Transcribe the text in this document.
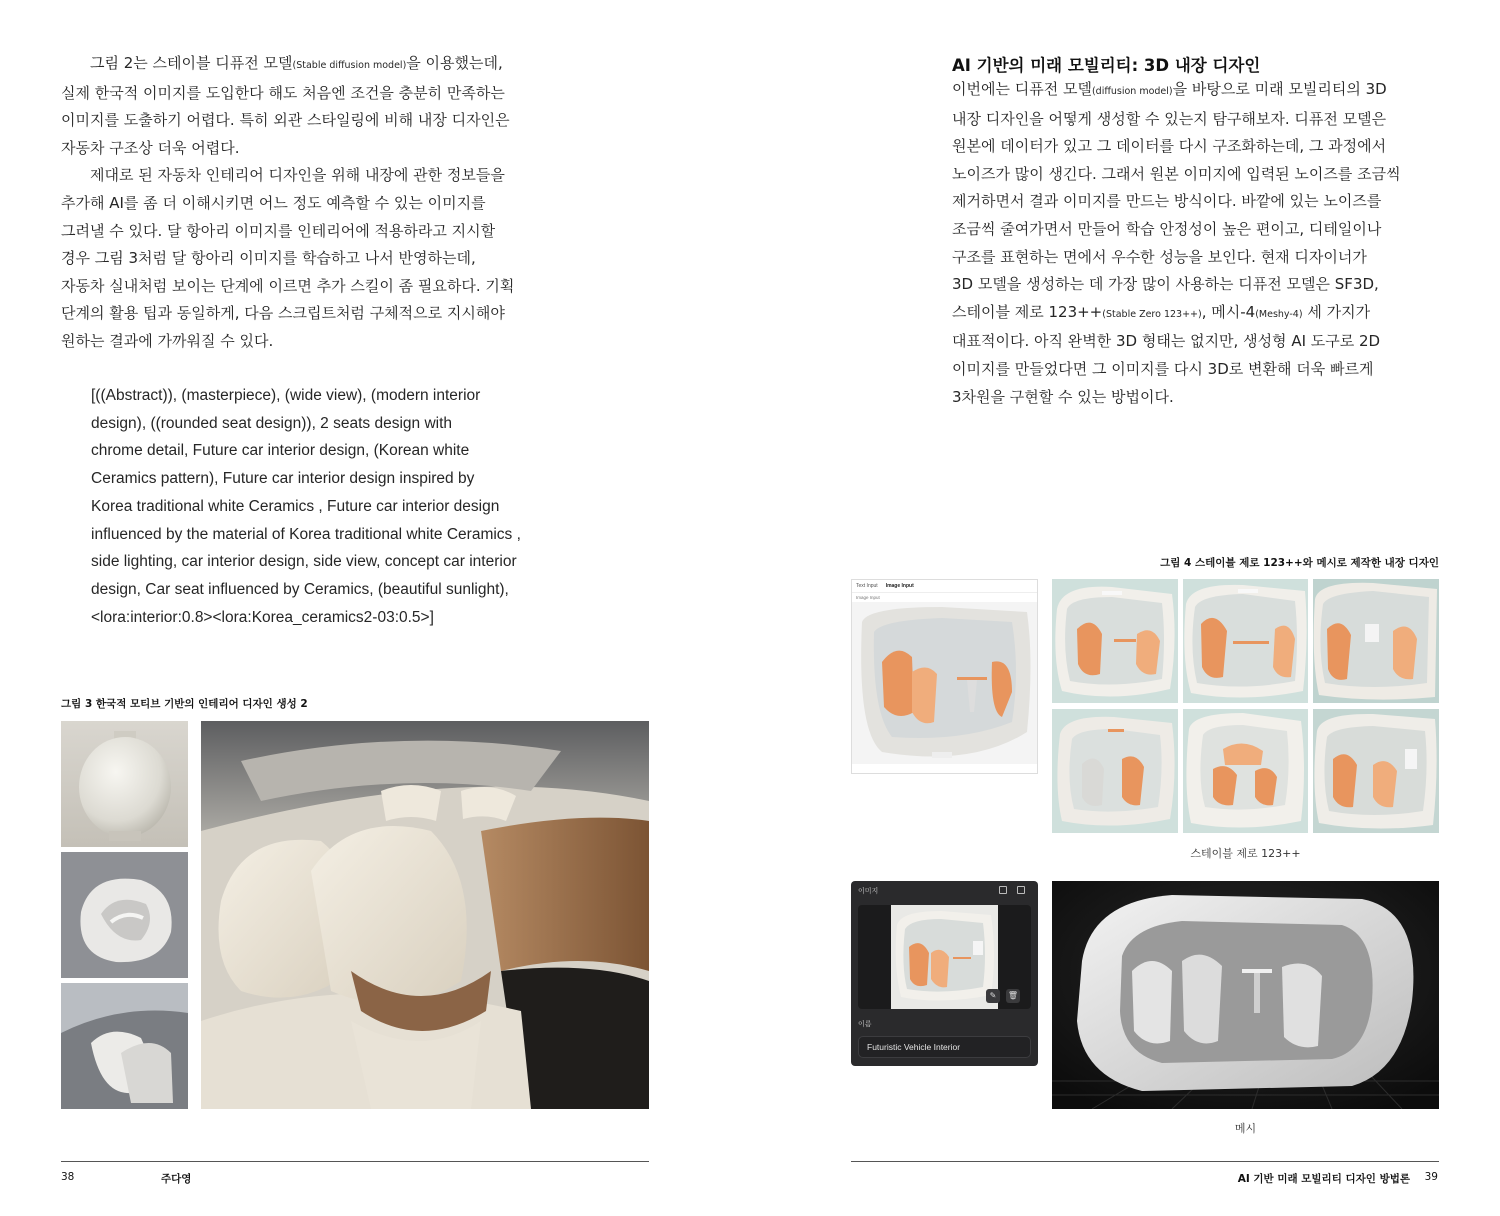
그림 2는 스테이블 디퓨전 모델(Stable diffusion model)을 이용했는데,

실제 한국적 이미지를 도입한다 해도 처음엔 조건을 충분히 만족하는

이미지를 도출하기 어렵다. 특히 외관 스타일링에 비해 내장 디자인은

자동차 구조상 더욱 어렵다.

제대로 된 자동차 인테리어 디자인을 위해 내장에 관한 정보들을

추가해 AI를 좀 더 이해시키면 어느 정도 예측할 수 있는 이미지를

그려낼 수 있다. 달 항아리 이미지를 인테리어에 적용하라고 지시할

경우 그림 3처럼 달 항아리 이미지를 학습하고 나서 반영하는데,

자동차 실내처럼 보이는 단계에 이르면 추가 스킬이 좀 필요하다. 기획

단계의 활용 팁과 동일하게, 다음 스크립트처럼 구체적으로 지시해야

원하는 결과에 가까워질 수 있다.

[((Abstract)), (masterpiece), (wide view), (modern interior
design), ((rounded seat design)), 2 seats design with
chrome detail, Future car interior design, (Korean white
Ceramics pattern), Future car interior design inspired by
Korea traditional white Ceramics , Future car interior design
influenced by the material of Korea traditional white Ceramics ,
side lighting, car interior design, side view, concept car interior
design, Car seat influenced by Ceramics, (beautiful sunlight),
<lora:interior:0.8><lora:Korea_ceramics2-03:0.5>]
그림 3 한국적 모티브 기반의 인테리어 디자인 생성 2
38	주다영
AI 기반의 미래 모빌리티: 3D 내장 디자인

이번에는 디퓨전 모델(diffusion model)을 바탕으로 미래 모빌리티의 3D

내장 디자인을 어떻게 생성할 수 있는지 탐구해보자. 디퓨전 모델은

원본에 데이터가 있고 그 데이터를 다시 구조화하는데, 그 과정에서

노이즈가 많이 생긴다. 그래서 원본 이미지에 입력된 노이즈를 조금씩

제거하면서 결과 이미지를 만드는 방식이다. 바깥에 있는 노이즈를

조금씩 줄여가면서 만들어 학습 안정성이 높은 편이고, 디테일이나

구조를 표현하는 면에서 우수한 성능을 보인다. 현재 디자이너가

3D 모델을 생성하는 데 가장 많이 사용하는 디퓨전 모델은 SF3D,

스테이블 제로 123++(Stable Zero 123++), 메시-4(Meshy-4) 세 가지가

대표적이다. 아직 완벽한 3D 형태는 없지만, 생성형 AI 도구로 2D

이미지를 만들었다면 그 이미지를 다시 3D로 변환해 더욱 빠르게

3차원을 구현할 수 있는 방법이다.

그림 4 스테이블 제로 123++와 메시로 제작한 내장 디자인
Text Input Image Input
Image Input
스테이블 제로 123++
이미지
✎	🗑
이름
Futuristic Vehicle Interior
메시
AI 기반 미래 모빌리티 디자인 방법론 39
